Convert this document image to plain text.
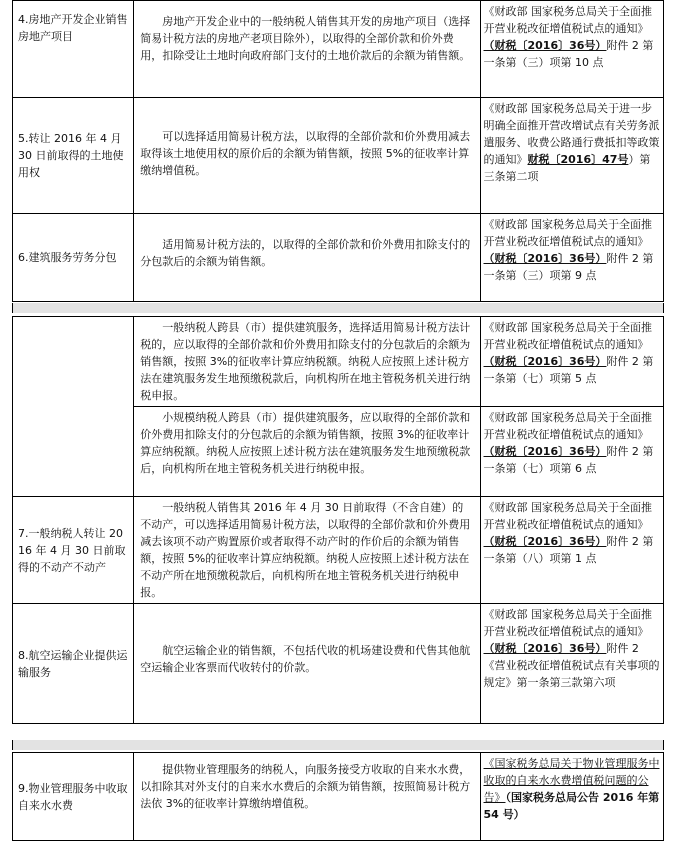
4.房地产开发企业销售房地产项目	房地产开发企业中的一般纳税人销售其开发的房地产项目（选择简易计税方法的房地产老项目除外），以取得的全部价款和价外费用，扣除受让土地时向政府部门支付的土地价款后的余额为销售额。	《财政部 国家税务总局关于全面推开营业税改征增值税试点的通知》（财税〔2016〕36号）附件 2 第一条第（三）项第 10 点
5.转让 2016 年 4 月 30 日前取得的土地使用权	可以选择适用简易计税方法，以取得的全部价款和价外费用减去取得该土地使用权的原价后的余额为销售额，按照 5%的征收率计算缴纳增值税。	《财政部 国家税务总局关于进一步明确全面推开营改增试点有关劳务派遣服务、收费公路通行费抵扣等政策的通知》财税〔2016〕47号）第三条第二项
6.建筑服务劳务分包	适用简易计税方法的，以取得的全部价款和价外费用扣除支付的分包款后的余额为销售额。	《财政部 国家税务总局关于全面推开营业税改征增值税试点的通知》（财税〔2016〕36号）附件 2 第一条第（三）项第 9 点
	一般纳税人跨县（市）提供建筑服务，选择适用简易计税方法计税的，应以取得的全部价款和价外费用扣除支付的分包款后的余额为销售额，按照 3%的征收率计算应纳税额。纳税人应按照上述计税方法在建筑服务发生地预缴税款后，向机构所在地主管税务机关进行纳税申报。	《财政部 国家税务总局关于全面推开营业税改征增值税试点的通知》（财税〔2016〕36号）附件 2 第一条第（七）项第 5 点
	小规模纳税人跨县（市）提供建筑服务，应以取得的全部价款和价外费用扣除支付的分包款后的余额为销售额，按照 3%的征收率计算应纳税额。纳税人应按照上述计税方法在建筑服务发生地预缴税款后，向机构所在地主管税务机关进行纳税申报。	《财政部 国家税务总局关于全面推开营业税改征增值税试点的通知》（财税〔2016〕36号）附件 2 第一条第（七）项第 6 点
7.一般纳税人转让 2016 年 4 月 30 日前取得的不动产不动产	一般纳税人销售其 2016 年 4 月 30 日前取得（不含自建）的不动产，可以选择适用简易计税方法，以取得的全部价款和价外费用减去该项不动产购置原价或者取得不动产时的作价后的余额为销售额，按照 5%的征收率计算应纳税额。纳税人应按照上述计税方法在不动产所在地预缴税款后，向机构所在地主管税务机关进行纳税申报。	《财政部 国家税务总局关于全面推开营业税改征增值税试点的通知》（财税〔2016〕36号）附件 2 第一条第（八）项第 1 点
8.航空运输企业提供运输服务	航空运输企业的销售额，不包括代收的机场建设费和代售其他航空运输企业客票而代收转付的价款。	《财政部 国家税务总局关于全面推开营业税改征增值税试点的通知》（财税〔2016〕36号）附件 2《营业税改征增值税试点有关事项的规定》第一条第三款第六项
9.物业管理服务中收取自来水水费	提供物业管理服务的纳税人，向服务接受方收取的自来水水费，以扣除其对外支付的自来水水费后的余额为销售额，按照简易计税方法依 3%的征收率计算缴纳增值税。	《国家税务总局关于物业管理服务中收取的自来水水费增值税问题的公告》（国家税务总局公告 2016 年第 54 号）
